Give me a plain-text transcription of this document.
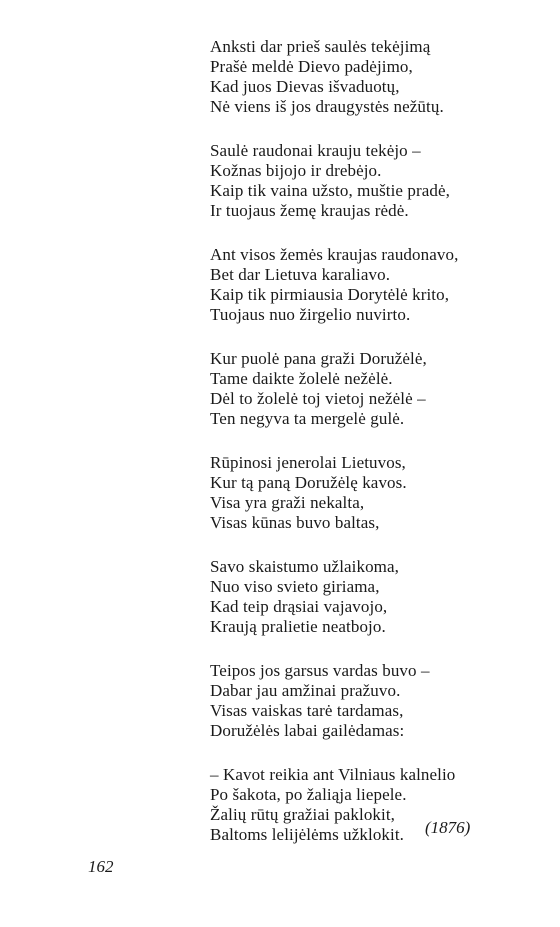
Anksti dar prieš saulės tekėjimą
Prašė meldė Dievo padėjimo,
Kad juos Dievas išvaduotų,
Nė viens iš jos draugystės nežūtų.
Saulė raudonai krauju tekėjo –
Kožnas bijojo ir drebėjo.
Kaip tik vaina užsto, muštie pradė,
Ir tuojaus žemę kraujas rėdė.
Ant visos žemės kraujas raudonavo,
Bet dar Lietuva karaliavo.
Kaip tik pirmiausia Dorytėlė krito,
Tuojaus nuo žirgelio nuvirto.
Kur puolė pana graži Doružėlė,
Tame daikte žolelė nežėlė.
Dėl to žolelė toj vietoj nežėlė –
Ten negyva ta mergelė gulė.
Rūpinosi jenerolai Lietuvos,
Kur tą paną Doružėlę kavos.
Visa yra graži nekalta,
Visas kūnas buvo baltas,
Savo skaistumo užlaikoma,
Nuo viso svieto giriama,
Kad teip drąsiai vajavojo,
Kraują pralietie neatbojo.
Teipos jos garsus vardas buvo –
Dabar jau amžinai pražuvo.
Visas vaiskas tarė tardamas,
Doružėlės labai gailėdamas:
– Kavot reikia ant Vilniaus kalnelio
Po šakota, po žaliąja liepele.
Žalių rūtų gražiai paklokit,
Baltoms lelijėlėms užklokit.	(1876)
162
